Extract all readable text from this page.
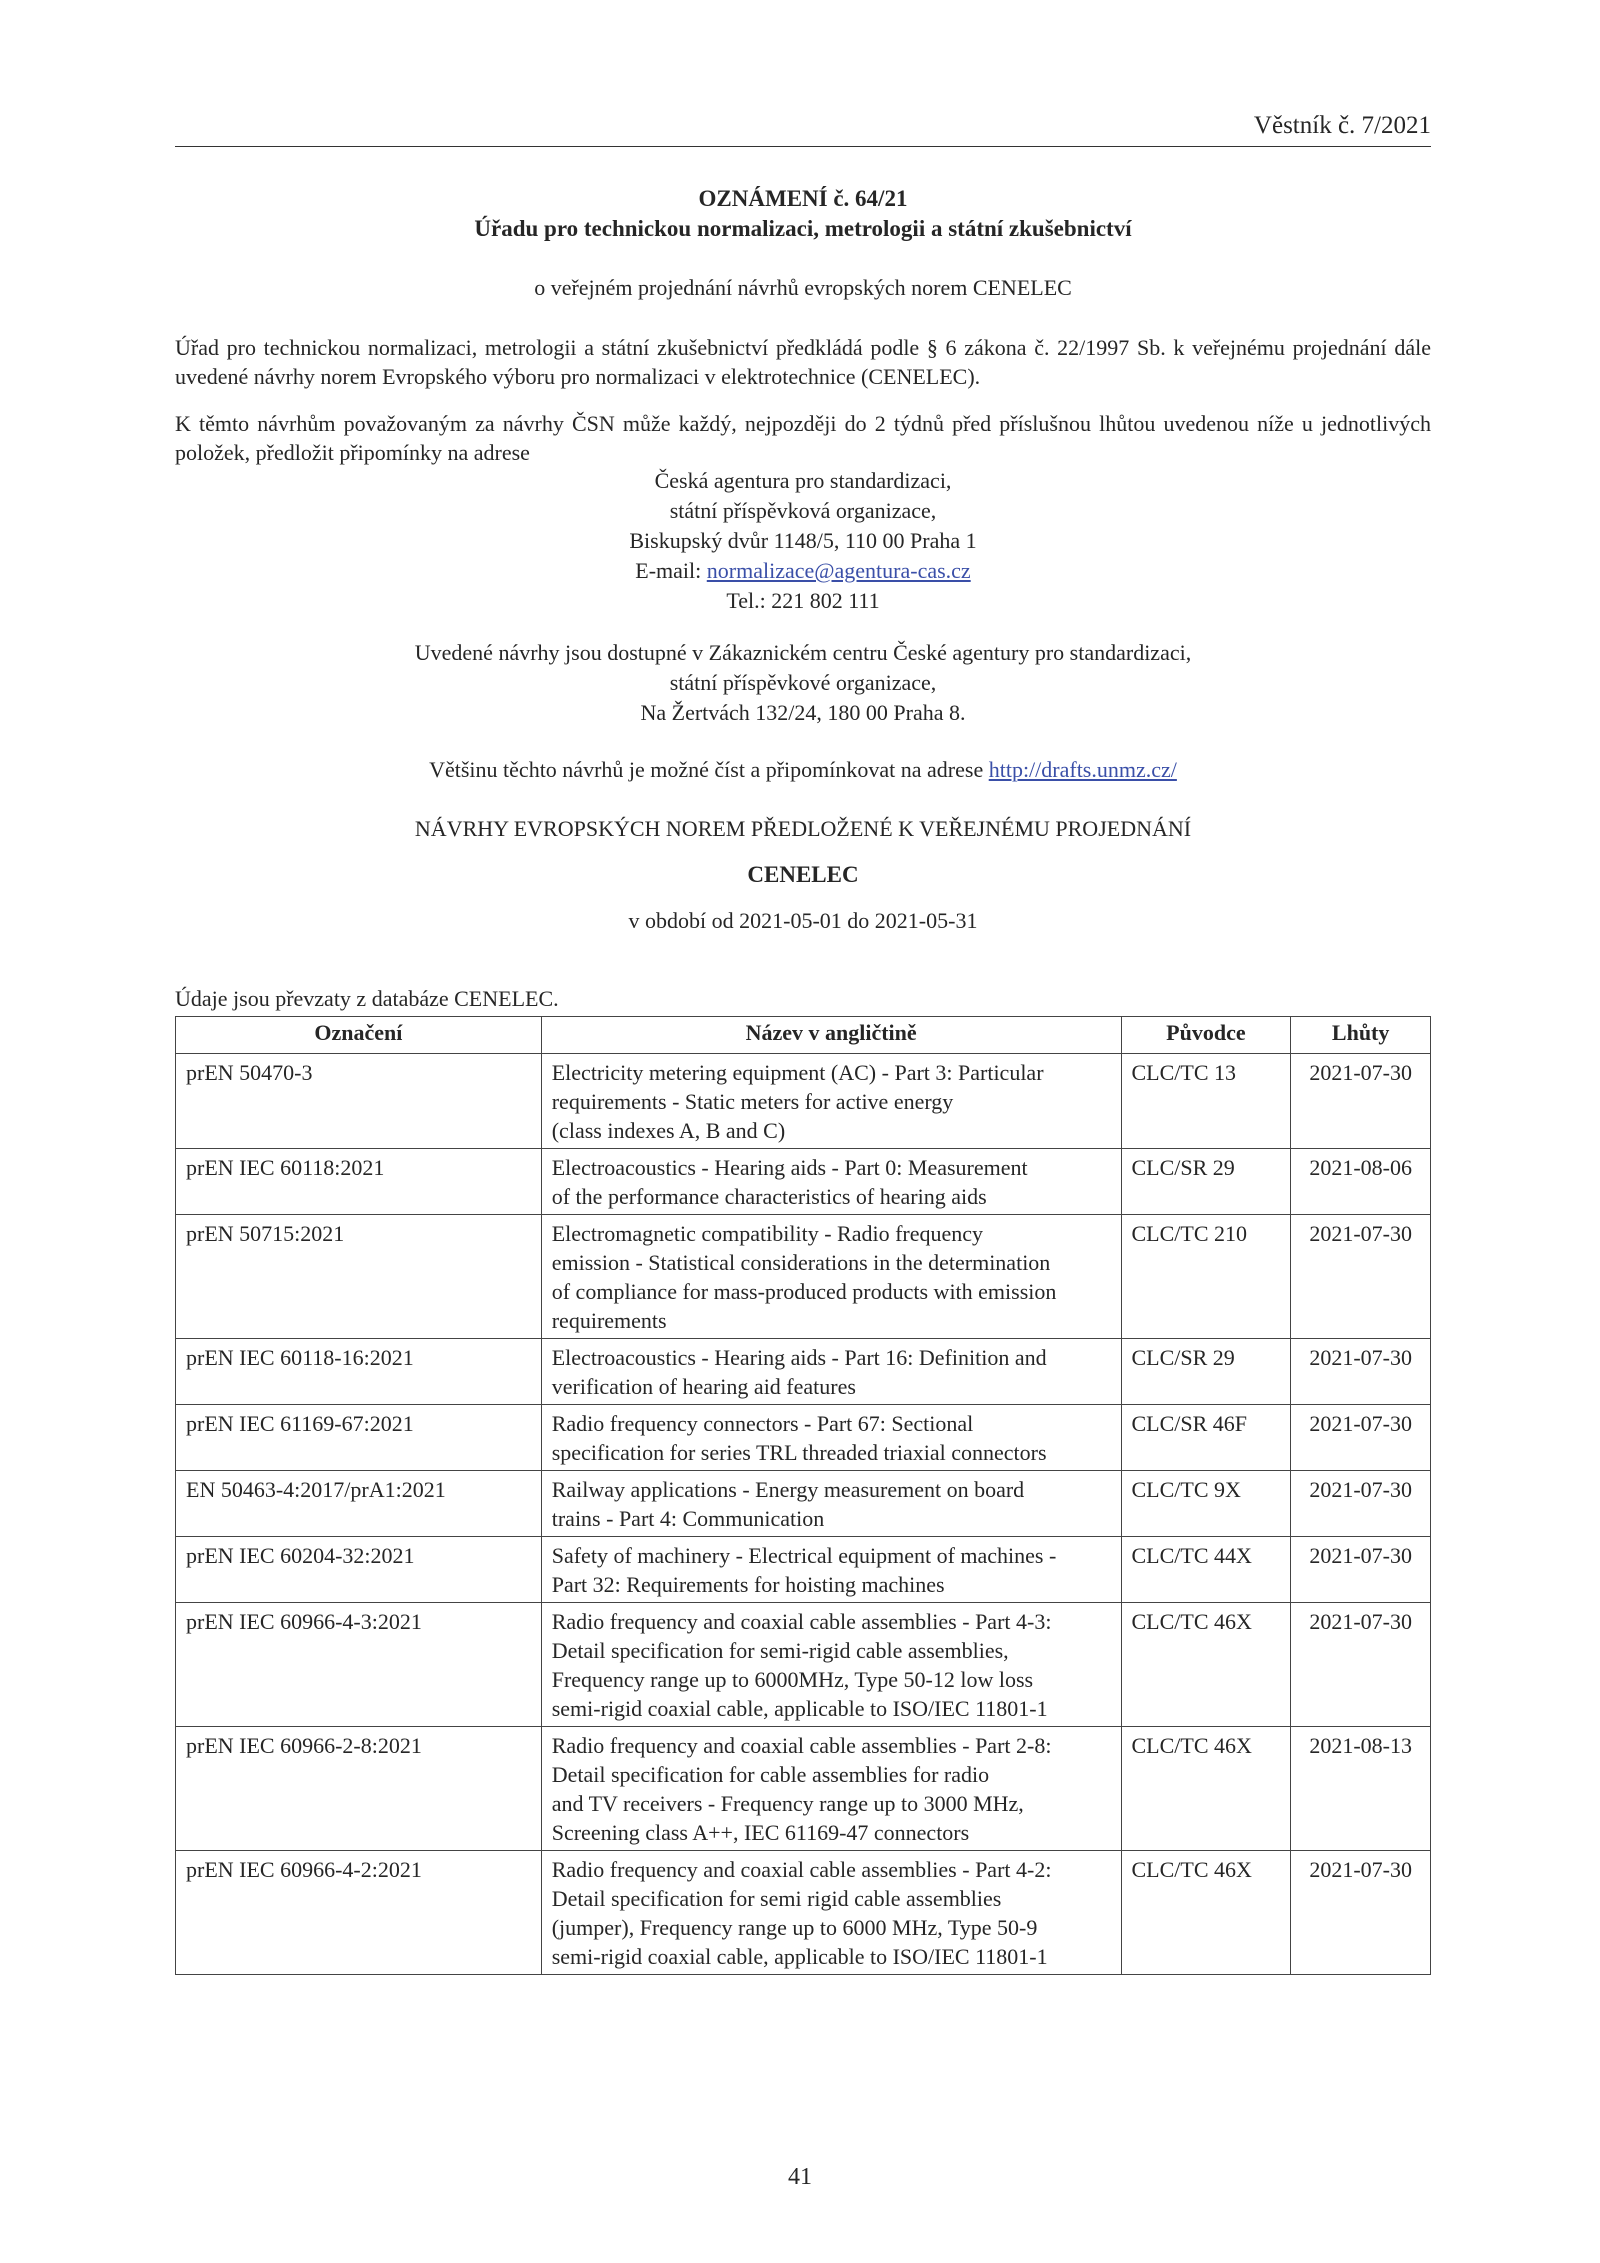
Věstník č. 7/2021
OZNÁMENÍ č. 64/21
Úřadu pro technickou normalizaci, metrologii a státní zkušebnictví
o veřejném projednání návrhů evropských norem CENELEC
Úřad pro technickou normalizaci, metrologii a státní zkušebnictví předkládá podle § 6 zákona č. 22/1997 Sb. k veřejnému projednání dále uvedené návrhy norem Evropského výboru pro normalizaci v elektrotechnice (CENELEC).
K těmto návrhům považovaným za návrhy ČSN může každý, nejpozději do 2 týdnů před příslušnou lhůtou uvedenou níže u jednotlivých položek, předložit připomínky na adrese
Česká agentura pro standardizaci,
státní příspěvková organizace,
Biskupský dvůr 1148/5, 110 00 Praha 1
E-mail: normalizace@agentura-cas.cz
Tel.: 221 802 111
Uvedené návrhy jsou dostupné v Zákaznickém centru České agentury pro standardizaci,
státní příspěvkové organizace,
Na Žertvách 132/24, 180 00 Praha 8.
Většinu těchto návrhů je možné číst a připomínkovat na adrese http://drafts.unmz.cz/
NÁVRHY EVROPSKÝCH NOREM PŘEDLOŽENÉ K VEŘEJNÉMU PROJEDNÁNÍ
CENELEC
v období od 2021-05-01 do 2021-05-31
Údaje jsou převzaty z databáze CENELEC.
Označení	Název v angličtině	Původce	Lhůty
prEN 50470-3	Electricity metering equipment (AC) - Part 3: Particular
requirements - Static meters for active energy
(class indexes A, B and C)	CLC/TC 13	2021-07-30
prEN IEC 60118:2021	Electroacoustics - Hearing aids - Part 0: Measurement
of the performance characteristics of hearing aids	CLC/SR 29	2021-08-06
prEN 50715:2021	Electromagnetic compatibility - Radio frequency
emission - Statistical considerations in the determination
of compliance for mass-produced products with emission
requirements	CLC/TC 210	2021-07-30
prEN IEC 60118-16:2021	Electroacoustics - Hearing aids - Part 16: Definition and
verification of hearing aid features	CLC/SR 29	2021-07-30
prEN IEC 61169-67:2021	Radio frequency connectors - Part 67: Sectional
specification for series TRL threaded triaxial connectors	CLC/SR 46F	2021-07-30
EN 50463-4:2017/prA1:2021	Railway applications - Energy measurement on board
trains - Part 4: Communication	CLC/TC 9X	2021-07-30
prEN IEC 60204-32:2021	Safety of machinery - Electrical equipment of machines -
Part 32: Requirements for hoisting machines	CLC/TC 44X	2021-07-30
prEN IEC 60966-4-3:2021	Radio frequency and coaxial cable assemblies - Part 4-3:
Detail specification for semi-rigid cable assemblies,
Frequency range up to 6000MHz, Type 50-12 low loss
semi-rigid coaxial cable, applicable to ISO/IEC 11801-1	CLC/TC 46X	2021-07-30
prEN IEC 60966-2-8:2021	Radio frequency and coaxial cable assemblies - Part 2-8:
Detail specification for cable assemblies for radio
and TV receivers - Frequency range up to 3000 MHz,
Screening class A++, IEC 61169-47 connectors	CLC/TC 46X	2021-08-13
prEN IEC 60966-4-2:2021	Radio frequency and coaxial cable assemblies - Part 4-2:
Detail specification for semi rigid cable assemblies
(jumper), Frequency range up to 6000 MHz, Type 50-9
semi-rigid coaxial cable, applicable to ISO/IEC 11801-1	CLC/TC 46X	2021-07-30
41
